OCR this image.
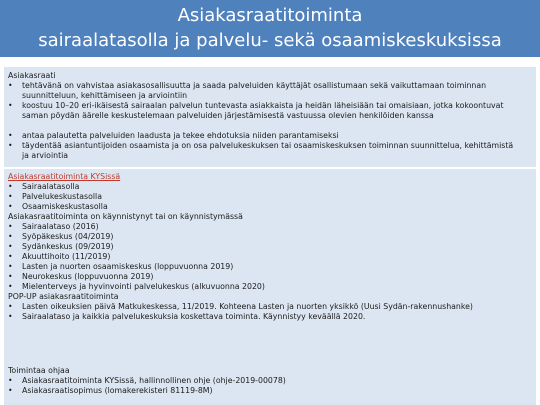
Asiakasraatitoiminta
sairaalatasolla ja palvelu- sekä osaamiskeskuksissa
Asiakasraati
• tehtävänä on vahvistaa asiakasosallisuutta ja saada palveluiden käyttäjät osallistumaan sekä vaikuttamaan toiminnan suunnitteluun, kehittämiseen ja arviointiin
• koostuu 10–20 eri-ikäisestä sairaalan palvelun tuntevasta asiakkaista ja heidän läheisiään tai omaisiaan, jotka kokoontuvat saman pöydän äärelle keskustelemaan palveluiden järjestämisestä vastuussa olevien henkilöiden kanssa
• antaa palautetta palveluiden laadusta ja tekee ehdotuksia niiden parantamiseksi
• täydentää asiantuntijoiden osaamista ja on osa palvelukeskuksen tai osaamiskeskuksen toiminnan suunnittelua, kehittämistä ja arviointia
Asiakasraatitoiminta KYSissä
• Sairaalatasolla
• Palvelukeskustasolla
• Osaamiskeskustasolla
Asiakasraatitoiminta on käynnistynyt tai on käynnistymässä
• Sairaalataso (2016)
• Syöpäkeskus (04/2019)
• Sydänkeskus (09/2019)
• Akuuttihoito (11/2019)
• Lasten ja nuorten osaamiskeskus (loppuvuonna 2019)
• Neurokeskus (loppuvuonna 2019)
• Mielenterveys ja hyvinvointi palvelukeskus (alkuvuonna 2020)
POP-UP asiakasraatitoiminta
• Lasten oikeuksien päivä Matkukeskessa, 11/2019. Kohteena Lasten ja nuorten yksikkö (Uusi Sydän-rakennushanke)
• Sairaalataso ja kaikkia palvelukeskuksia koskettava toiminta. Käynnistyy keväällä 2020.
Toimintaa ohjaa
• Asiakasraatitoiminta KYSissä, hallinnollinen ohje (ohje-2019-00078)
• Asiakasraatisopimus (lomakerekisteri 81119-8M)
